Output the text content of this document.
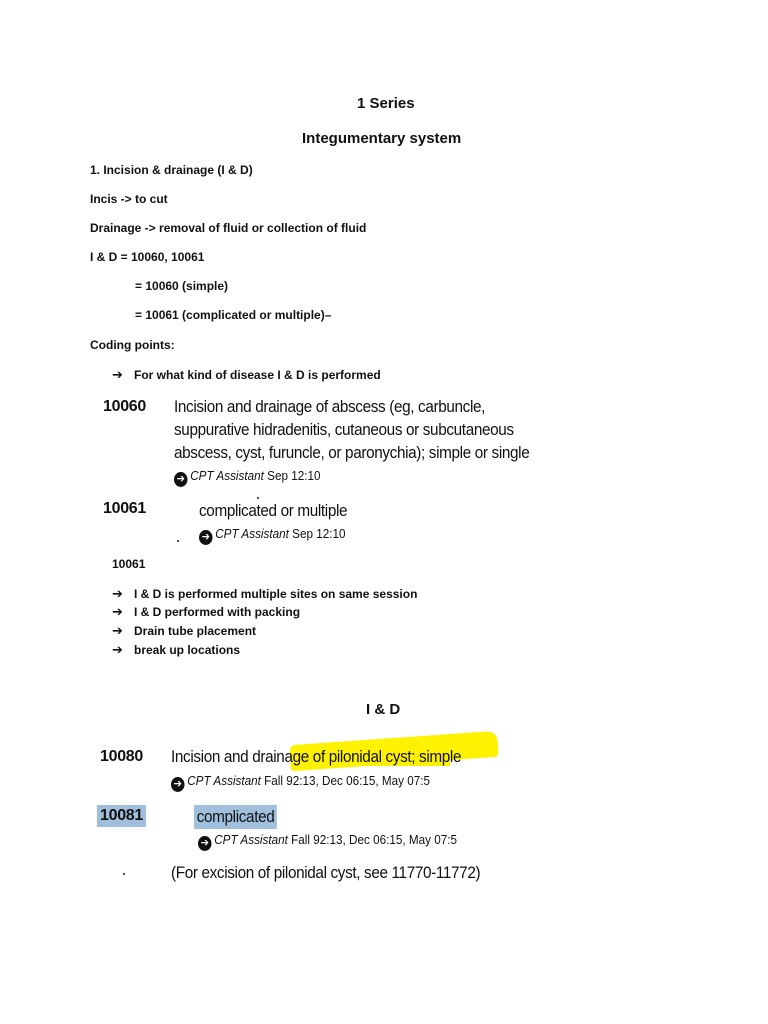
1 Series
Integumentary system
1. Incision & drainage (I & D)
Incis -> to cut
Drainage -> removal of fluid or collection of fluid
I & D = 10060, 10061
= 10060 (simple)
= 10061 (complicated or multiple)–
Coding points:
➔ For what kind of disease I & D is performed
10060 Incision and drainage of abscess (eg, carbuncle,
suppurative hidradenitis, cutaneous or subcutaneous
abscess, cyst, furuncle, or paronychia); simple or single
➔ CPT Assistant Sep 12:10
10061	complicated or multiple
➔ CPT Assistant Sep 12:10
10061
➔ I & D is performed multiple sites on same session
➔ I & D performed with packing
➔ Drain tube placement
➔ break up locations
I & D
10080 Incision and drainage of pilonidal cyst; simple
➔ CPT Assistant Fall 92:13, Dec 06:15, May 07:5
10081	complicated
➔ CPT Assistant Fall 92:13, Dec 06:15, May 07:5
(For excision of pilonidal cyst, see 11770-11772)
